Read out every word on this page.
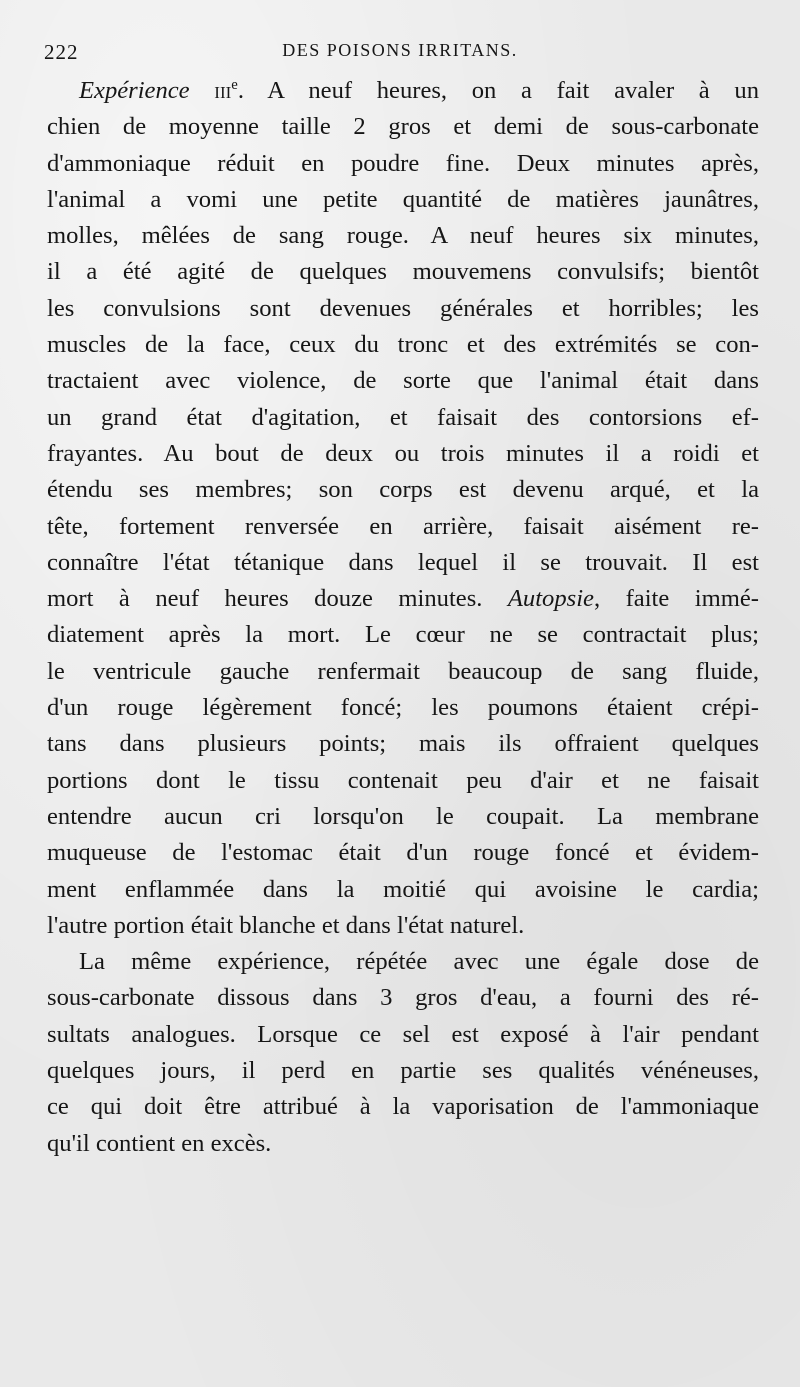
222	DES POISONS IRRITANS.
Expérience iii$^e$. A neuf heures, on a fait avaler à un
chien de moyenne taille 2 gros et demi de sous-carbonate
d'ammoniaque réduit en poudre fine. Deux minutes après,
l'animal a vomi une petite quantité de matières jaunâtres,
molles, mêlées de sang rouge. A neuf heures six minutes,
il a été agité de quelques mouvemens convulsifs; bientôt
les convulsions sont devenues générales et horribles; les
muscles de la face, ceux du tronc et des extrémités se con-
tractaient avec violence, de sorte que l'animal était dans
un grand état d'agitation, et faisait des contorsions ef-
frayantes. Au bout de deux ou trois minutes il a roidi et
étendu ses membres; son corps est devenu arqué, et la
tête, fortement renversée en arrière, faisait aisément re-
connaître l'état tétanique dans lequel il se trouvait. Il est
mort à neuf heures douze minutes. Autopsie, faite immé-
diatement après la mort. Le cœur ne se contractait plus;
le ventricule gauche renfermait beaucoup de sang fluide,
d'un rouge légèrement foncé; les poumons étaient crépi-
tans dans plusieurs points; mais ils offraient quelques
portions dont le tissu contenait peu d'air et ne faisait
entendre aucun cri lorsqu'on le coupait. La membrane
muqueuse de l'estomac était d'un rouge foncé et évidem-
ment enflammée dans la moitié qui avoisine le cardia;
l'autre portion était blanche et dans l'état naturel.
La même expérience, répétée avec une égale dose de
sous-carbonate dissous dans 3 gros d'eau, a fourni des ré-
sultats analogues. Lorsque ce sel est exposé à l'air pendant
quelques jours, il perd en partie ses qualités vénéneuses,
ce qui doit être attribué à la vaporisation de l'ammoniaque
qu'il contient en excès.
